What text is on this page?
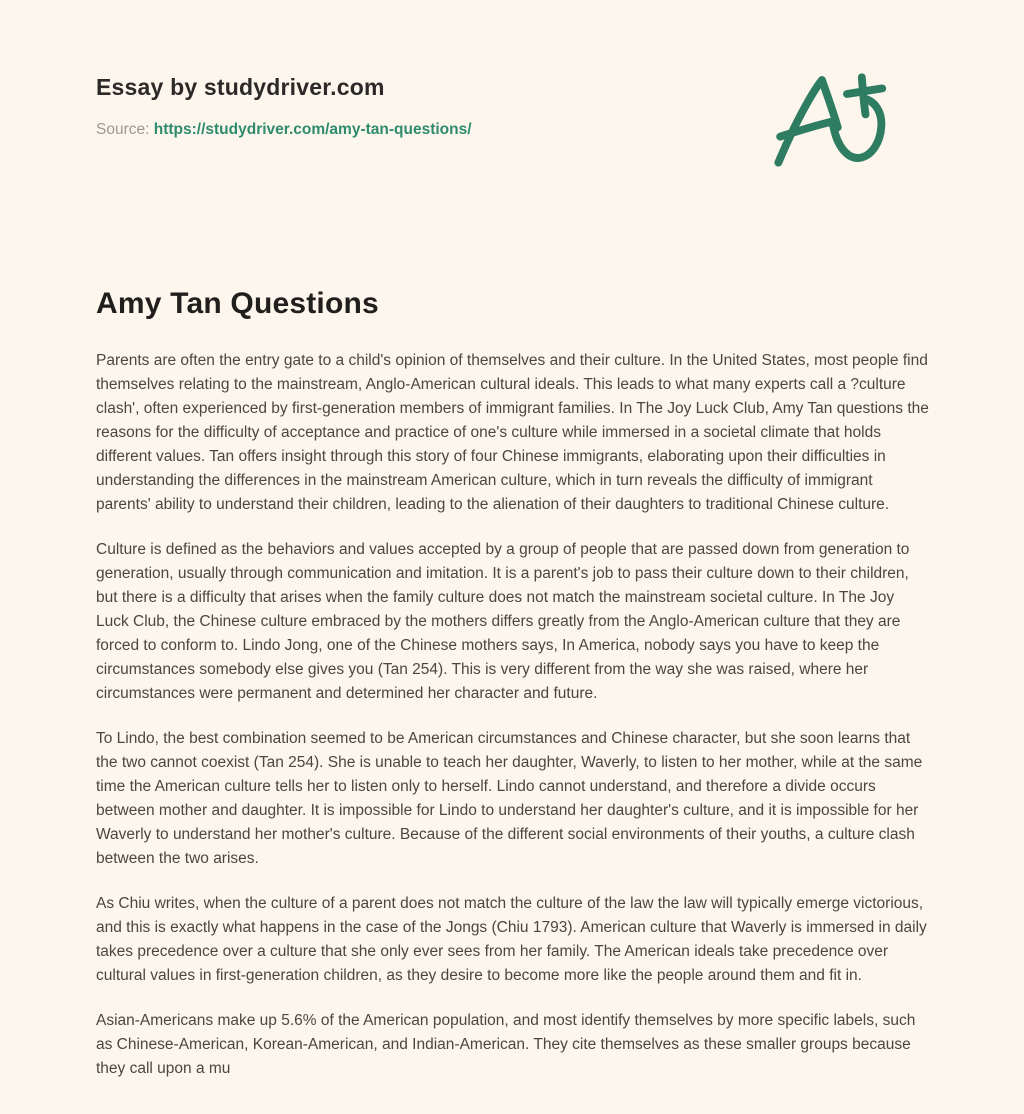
Essay by studydriver.com

Source: https://studydriver.com/amy-tan-questions/

Amy Tan Questions

Parents are often the entry gate to a child's opinion of themselves and their culture. In the United States, most people find themselves relating to the mainstream, Anglo-American cultural ideals. This leads to what many experts call a ?culture clash', often experienced by first-generation members of immigrant families. In The Joy Luck Club, Amy Tan questions the reasons for the difficulty of acceptance and practice of one's culture while immersed in a societal climate that holds different values. Tan offers insight through this story of four Chinese immigrants, elaborating upon their difficulties in understanding the differences in the mainstream American culture, which in turn reveals the difficulty of immigrant parents' ability to understand their children, leading to the alienation of their daughters to traditional Chinese culture.

Culture is defined as the behaviors and values accepted by a group of people that are passed down from generation to generation, usually through communication and imitation. It is a parent's job to pass their culture down to their children, but there is a difficulty that arises when the family culture does not match the mainstream societal culture. In The Joy Luck Club, the Chinese culture embraced by the mothers differs greatly from the Anglo-American culture that they are forced to conform to. Lindo Jong, one of the Chinese mothers says, In America, nobody says you have to keep the circumstances somebody else gives you (Tan 254). This is very different from the way she was raised, where her circumstances were permanent and determined her character and future.

To Lindo, the best combination seemed to be American circumstances and Chinese character, but she soon learns that the two cannot coexist (Tan 254). She is unable to teach her daughter, Waverly, to listen to her mother, while at the same time the American culture tells her to listen only to herself. Lindo cannot understand, and therefore a divide occurs between mother and daughter. It is impossible for Lindo to understand her daughter's culture, and it is impossible for her Waverly to understand her mother's culture. Because of the different social environments of their youths, a culture clash between the two arises.

As Chiu writes, when the culture of a parent does not match the culture of the law the law will typically emerge victorious, and this is exactly what happens in the case of the Jongs (Chiu 1793). American culture that Waverly is immersed in daily takes precedence over a culture that she only ever sees from her family. The American ideals take precedence over cultural values in first-generation children, as they desire to become more like the people around them and fit in.

Asian-Americans make up 5.6% of the American population, and most identify themselves by more specific labels, such as Chinese-American, Korean-American, and Indian-American. They cite themselves as these smaller groups because they call upon a mu
